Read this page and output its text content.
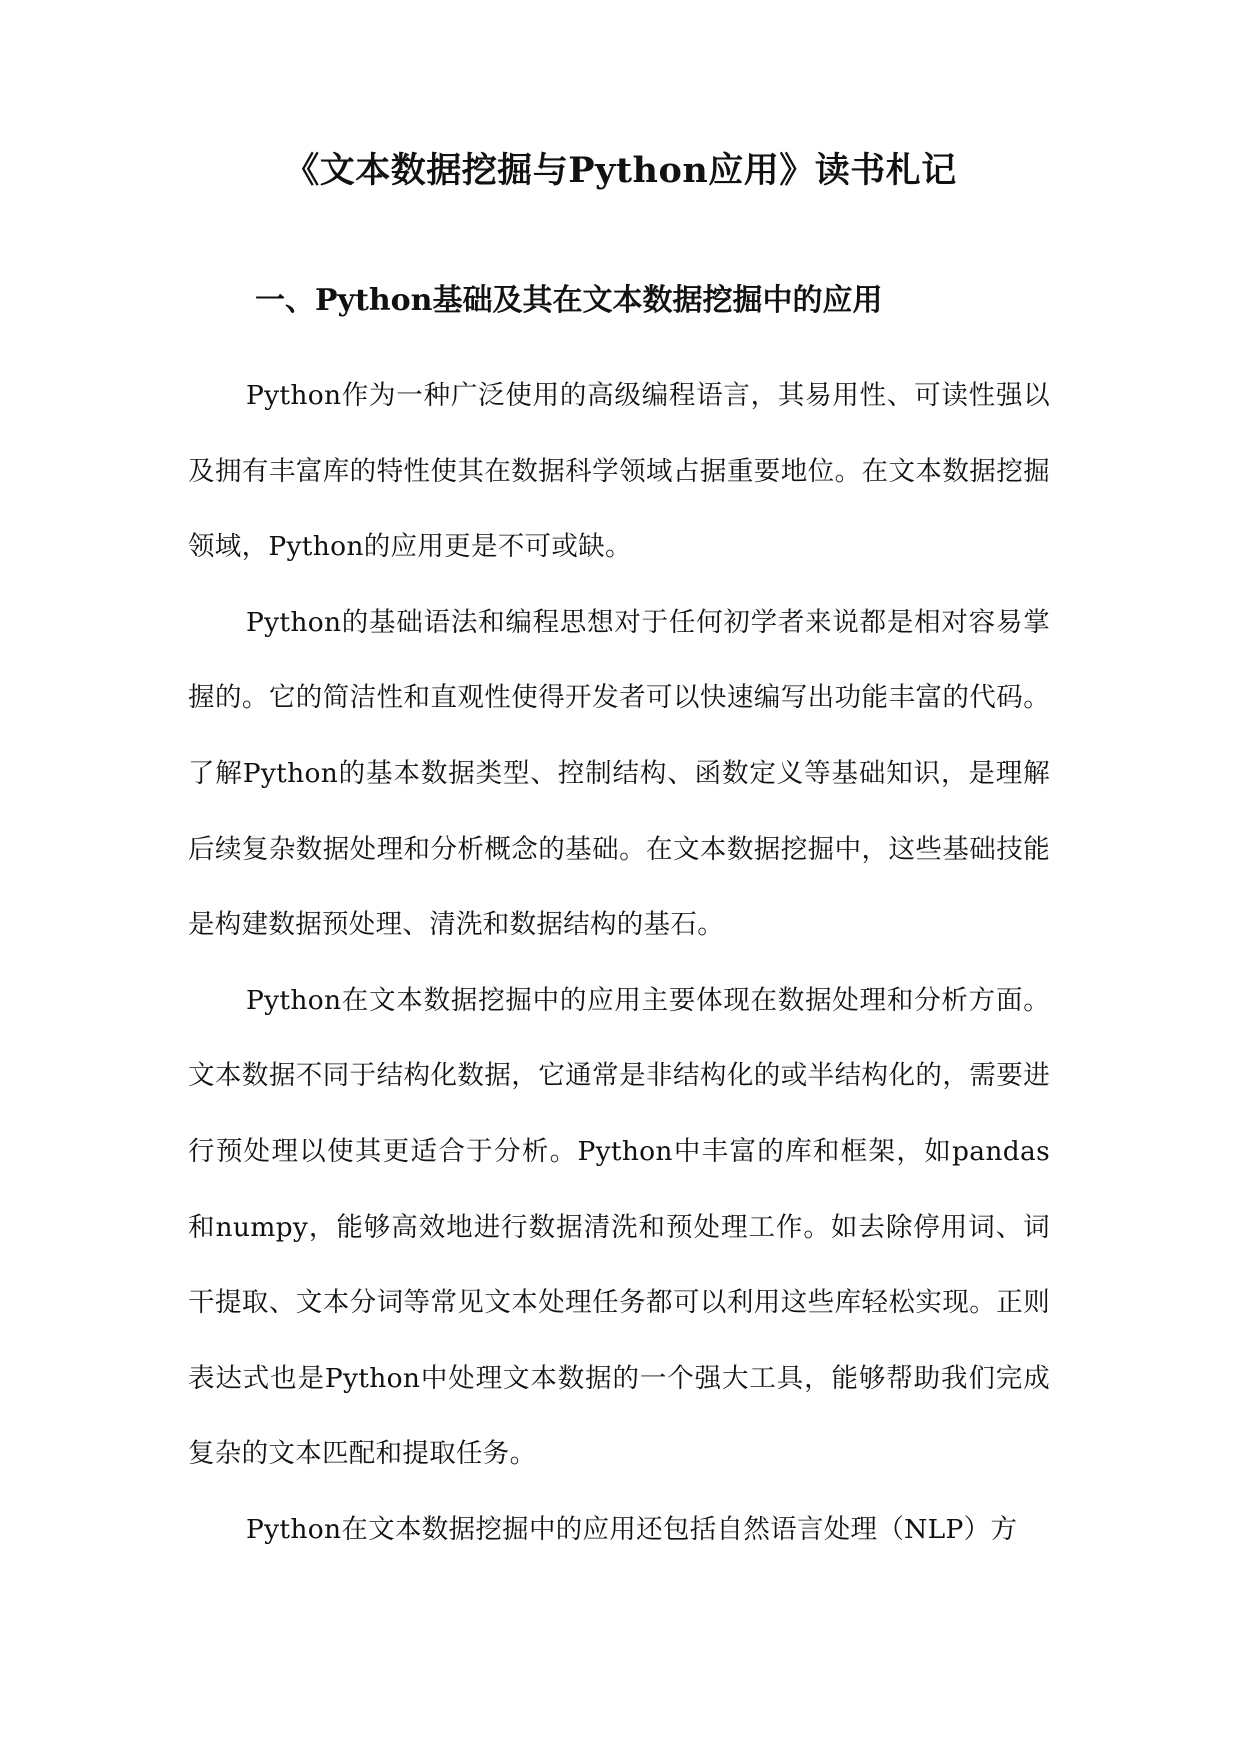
《文本数据挖掘与Python应用》读书札记
一、Python基础及其在文本数据挖掘中的应用

Python作为一种广泛使用的高级编程语言，其易用性、可读性强以及拥有丰富库的特性使其在数据科学领域占据重要地位。在文本数据挖掘领域，Python的应用更是不可或缺。

Python的基础语法和编程思想对于任何初学者来说都是相对容易掌握的。它的简洁性和直观性使得开发者可以快速编写出功能丰富的代码。了解Python的基本数据类型、控制结构、函数定义等基础知识，是理解后续复杂数据处理和分析概念的基础。在文本数据挖掘中，这些基础技能是构建数据预处理、清洗和数据结构的基石。

Python在文本数据挖掘中的应用主要体现在数据处理和分析方面。文本数据不同于结构化数据，它通常是非结构化的或半结构化的，需要进行预处理以使其更适合于分析。Python中丰富的库和框架，如pandas和numpy，能够高效地进行数据清洗和预处理工作。如去除停用词、词干提取、文本分词等常见文本处理任务都可以利用这些库轻松实现。正则表达式也是Python中处理文本数据的一个强大工具，能够帮助我们完成复杂的文本匹配和提取任务。

Python在文本数据挖掘中的应用还包括自然语言处理（NLP）方
